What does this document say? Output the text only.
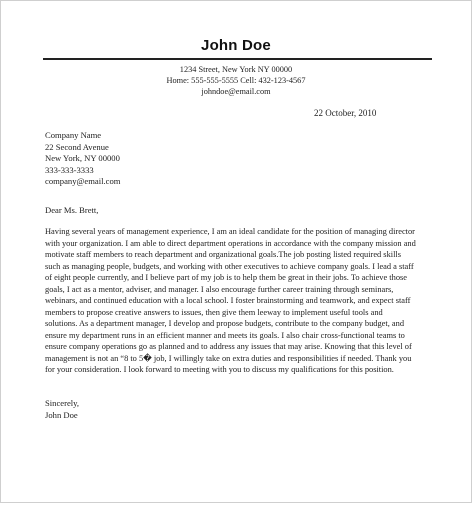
John Doe
1234 Street, New York NY 00000
Home: 555-555-5555 Cell: 432-123-4567
johndoe@email.com
22 October, 2010
Company Name
22 Second Avenue
New York, NY 00000
333-333-3333
company@email.com
Dear Ms. Brett,
Having several years of management experience, I am an ideal candidate for the position of managing director
with your organization. I am able to direct department operations in accordance with the company mission and
motivate staff members to reach department and organizational goals.The job posting listed required skills
such as managing people, budgets, and working with other executives to achieve company goals. I lead a staff
of eight people currently, and I believe part of my job is to help them be great in their jobs. To achieve those
goals, I act as a mentor, adviser, and manager. I also encourage further career training through seminars,
webinars, and continued education with a local school. I foster brainstorming and teamwork, and expect staff
members to propose creative answers to issues, then give them leeway to implement useful tools and
solutions. As a department manager, I develop and propose budgets, contribute to the company budget, and
ensure my department runs in an efficient manner and meets its goals. I also chair cross-functional teams to
ensure company operations go as planned and to address any issues that may arise. Knowing that this level of
management is not an “8 to 5� job, I willingly take on extra duties and responsibilities if needed. Thank you
for your consideration. I look forward to meeting with you to discuss my qualifications for this position.
Sincerely,
John Doe
